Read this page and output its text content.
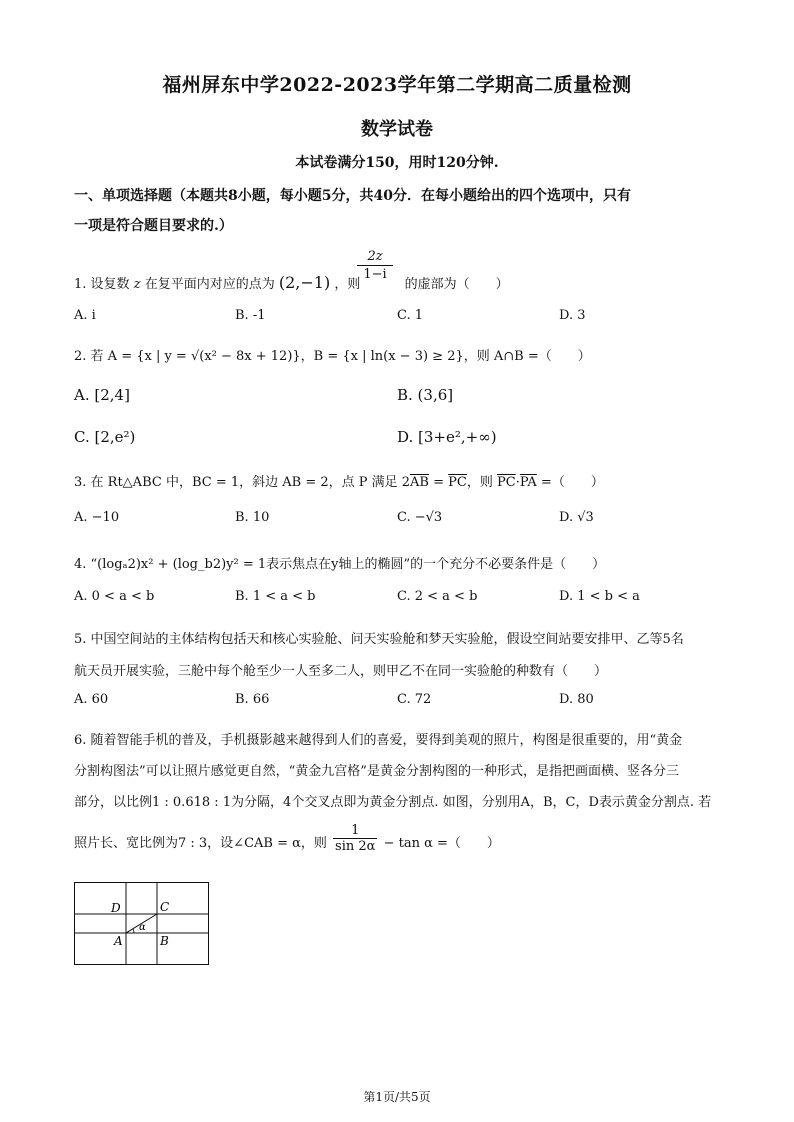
福州屏东中学2022-2023学年第二学期高二质量检测
数学试卷
本试卷满分150，用时120分钟.
一、单项选择题（本题共8小题，每小题5分，共40分．在每小题给出的四个选项中，只有
一项是符合题目要求的.）
1. 设复数 z 在复平面内对应的点为 (2,−1) ，则	的虚部为（　　）
$\frac{2z}{1-i}$
A. i	B. -1	C. 1	D. 3
2. 若 A = {x | y = √(x² − 8x + 12)}，B = {x | ln(x − 3) ≥ 2}，则 A∩B =（　　）
A. [2,4]	B. (3,6]
C. [2,e²)	D. [3+e²,+∞)
3. 在 Rt△ABC 中，BC = 1，斜边 AB = 2，点 P 满足 $2\overline{AB} = \overline{PC}$，则 $\overline{PC}\cdot\overline{PA}$ =（　　）
A. −10	B. 10	C. −√3	D. √3
4. “(logₐ2)x² + (log_b2)y² = 1表示焦点在y轴上的椭圆”的一个充分不必要条件是（　　）
A. 0 < a < b	B. 1 < a < b	C. 2 < a < b	D. 1 < b < a
5. 中国空间站的主体结构包括天和核心实验舱、问天实验舱和梦天实验舱，假设空间站要安排甲、乙等5名
航天员开展实验，三舱中每个舱至少一人至多二人，则甲乙不在同一实验舱的种数有（　　）
A. 60	B. 66	C. 72	D. 80
6. 随着智能手机的普及，手机摄影越来越得到人们的喜爱，要得到美观的照片，构图是很重要的，用“黄金
分割构图法”可以让照片感觉更自然，“黄金九宫格”是黄金分割构图的一种形式，是指把画面横、竖各分三
部分，以比例1 : 0.618 : 1为分隔，4个交叉点即为黄金分割点. 如图，分别用A，B，C，D表示黄金分割点. 若
照片长、宽比例为7 : 3，设∠CAB = α，则 $\frac{1}{\sin 2\alpha} - \tan \alpha$ =（　　）
D	C
A	B
α
第1页/共5页
